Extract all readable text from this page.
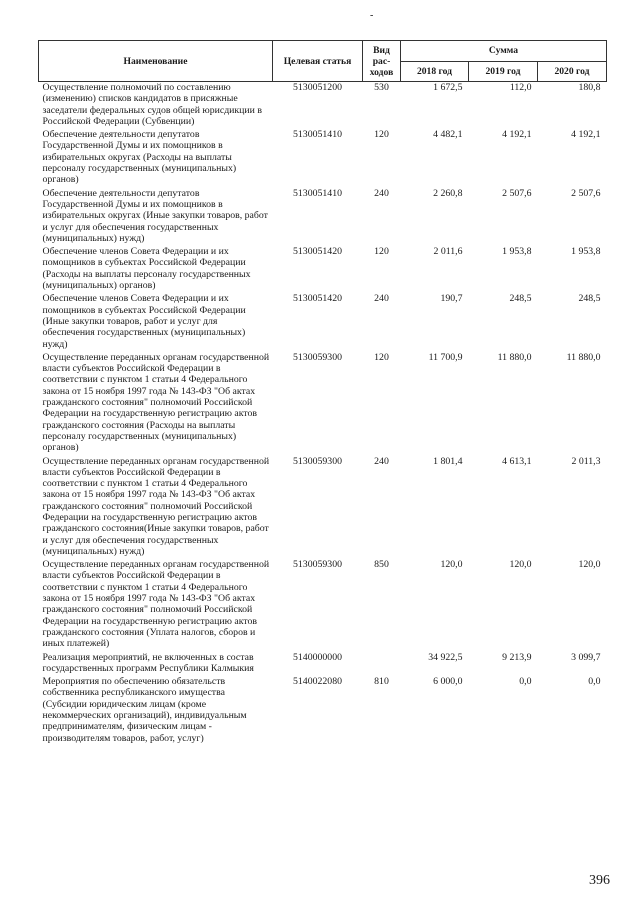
-
Наименование	Целевая статья	Вид рас-ходов	Сумма		
			2018 год	2019 год	2020 год
Осуществление полномочий по составлению (изменению) списков кандидатов в присяжные заседатели федеральных судов общей юрисдикции в Российской Федерации (Субвенции)	5130051200	530	1 672,5	112,0	180,8
Обеспечение деятельности депутатов Государственной Думы и их помощников в избирательных округах (Расходы на выплаты персоналу государственных (муниципальных) органов)	5130051410	120	4 482,1	4 192,1	4 192,1
Обеспечение деятельности депутатов Государственной Думы и их помощников в избирательных округах (Иные закупки товаров, работ и услуг для обеспечения государственных (муниципальных) нужд)	5130051410	240	2 260,8	2 507,6	2 507,6
Обеспечение членов Совета Федерации и их помощников в субъектах Российской Федерации (Расходы на выплаты персоналу государственных (муниципальных) органов)	5130051420	120	2 011,6	1 953,8	1 953,8
Обеспечение членов Совета Федерации и их помощников в субъектах Российской Федерации (Иные закупки товаров, работ и услуг для обеспечения государственных (муниципальных) нужд)	5130051420	240	190,7	248,5	248,5
Осуществление переданных органам государственной власти субъектов Российской Федерации в соответствии с пунктом 1 статьи 4 Федерального закона от 15 ноября 1997 года № 143-ФЗ "Об актах гражданского состояния" полномочий Российской Федерации на государственную регистрацию актов гражданского состояния (Расходы на выплаты персоналу государственных (муниципальных) органов)	5130059300	120	11 700,9	11 880,0	11 880,0
Осуществление переданных органам государственной власти субъектов Российской Федерации в соответствии с пунктом 1 статьи 4 Федерального закона от 15 ноября 1997 года № 143-ФЗ "Об актах гражданского состояния" полномочий Российской Федерации на государственную регистрацию актов гражданского состояния(Иные закупки товаров, работ и услуг для обеспечения государственных (муниципальных) нужд)	5130059300	240	1 801,4	4 613,1	2 011,3
Осуществление переданных органам государственной власти субъектов Российской Федерации в соответствии с пунктом 1 статьи 4 Федерального закона от 15 ноября 1997 года № 143-ФЗ "Об актах гражданского состояния" полномочий Российской Федерации на государственную регистрацию актов гражданского состояния (Уплата налогов, сборов и иных платежей)	5130059300	850	120,0	120,0	120,0
Реализация мероприятий, не включенных в состав государственных программ Республики Калмыкия	5140000000		34 922,5	9 213,9	3 099,7
Мероприятия по обеспечению обязательств собственника республиканского имущества (Субсидии юридическим лицам (кроме некоммерческих организаций), индивидуальным предпринимателям, физическим лицам - производителям товаров, работ, услуг)	5140022080	810	6 000,0	0,0	0,0
396
